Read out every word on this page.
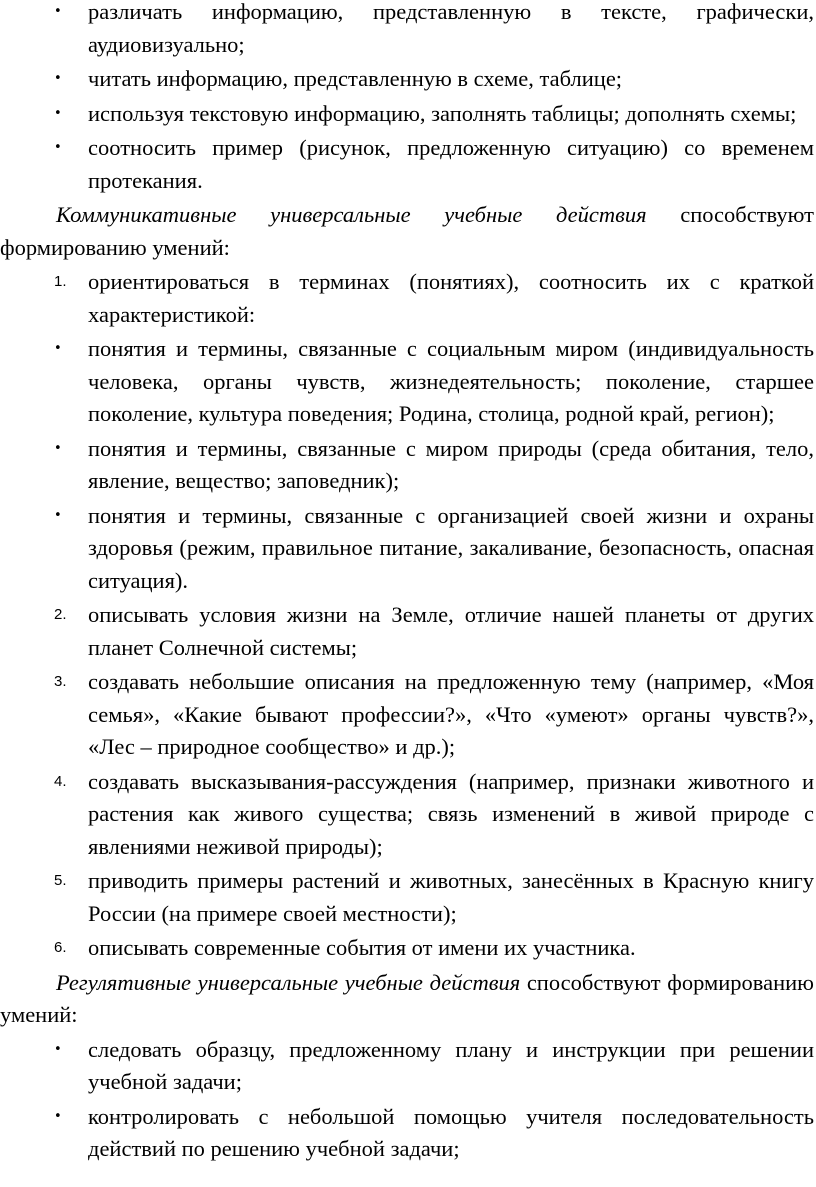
• различать информацию, представленную в тексте, графически, аудиовизуально;
• читать информацию, представленную в схеме, таблице;
• используя текстовую информацию, заполнять таблицы; дополнять схемы;
• соотносить пример (рисунок, предложенную ситуацию) со временем протекания.
Коммуникативные универсальные учебные действия способствуют формированию умений:
1. ориентироваться в терминах (понятиях), соотносить их с краткой характеристикой:
• понятия и термины, связанные с социальным миром (индивидуальность человека, органы чувств, жизнедеятельность; поколение, старшее поколение, культура поведения; Родина, столица, родной край, регион);
• понятия и термины, связанные с миром природы (среда обитания, тело, явление, вещество; заповедник);
• понятия и термины, связанные с организацией своей жизни и охраны здоровья (режим, правильное питание, закаливание, безопасность, опасная ситуация).
2. описывать условия жизни на Земле, отличие нашей планеты от других планет Солнечной системы;
3. создавать небольшие описания на предложенную тему (например, «Моя семья», «Какие бывают профессии?», «Что «умеют» органы чувств?», «Лес – природное сообщество» и др.);
4. создавать высказывания-рассуждения (например, признаки животного и растения как живого существа; связь изменений в живой природе с явлениями неживой природы);
5. приводить примеры растений и животных, занесённых в Красную книгу России (на примере своей местности);
6. описывать современные события от имени их участника.
Регулятивные универсальные учебные действия способствуют формированию умений:
• следовать образцу, предложенному плану и инструкции при решении учебной задачи;
• контролировать с небольшой помощью учителя последовательность действий по решению учебной задачи;
